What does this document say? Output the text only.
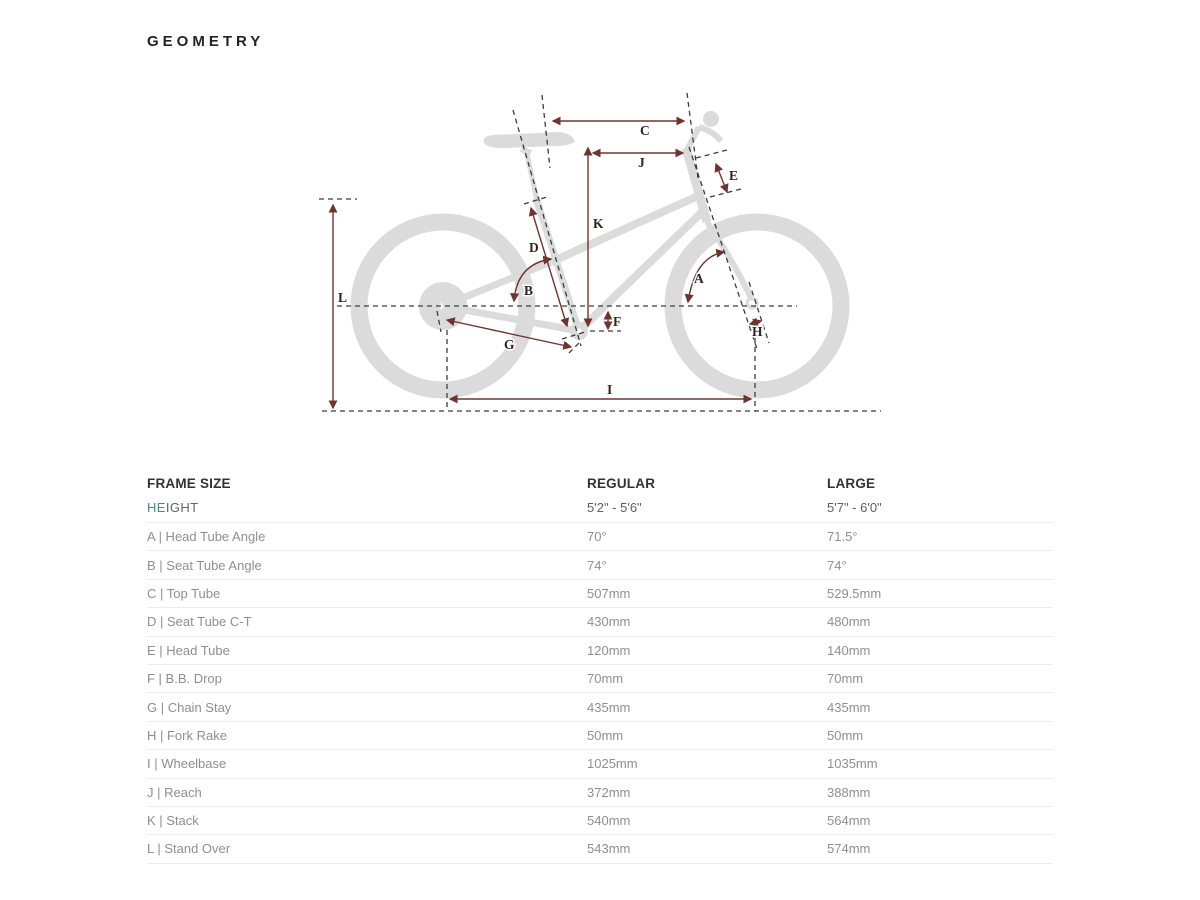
GEOMETRY
C
J
K
E
D
B
A
F
G
H
I
L
FRAME SIZE	REGULAR	LARGE
HEIGHT	5'2" - 5'6"	5'7" - 6'0"
A | Head Tube Angle	70°	71.5°
B | Seat Tube Angle	74°	74°
C | Top Tube	507mm	529.5mm
D | Seat Tube C-T	430mm	480mm
E | Head Tube	120mm	140mm
F | B.B. Drop	70mm	70mm
G | Chain Stay	435mm	435mm
H | Fork Rake	50mm	50mm
I | Wheelbase	1025mm	1035mm
J | Reach	372mm	388mm
K | Stack	540mm	564mm
L | Stand Over	543mm	574mm
